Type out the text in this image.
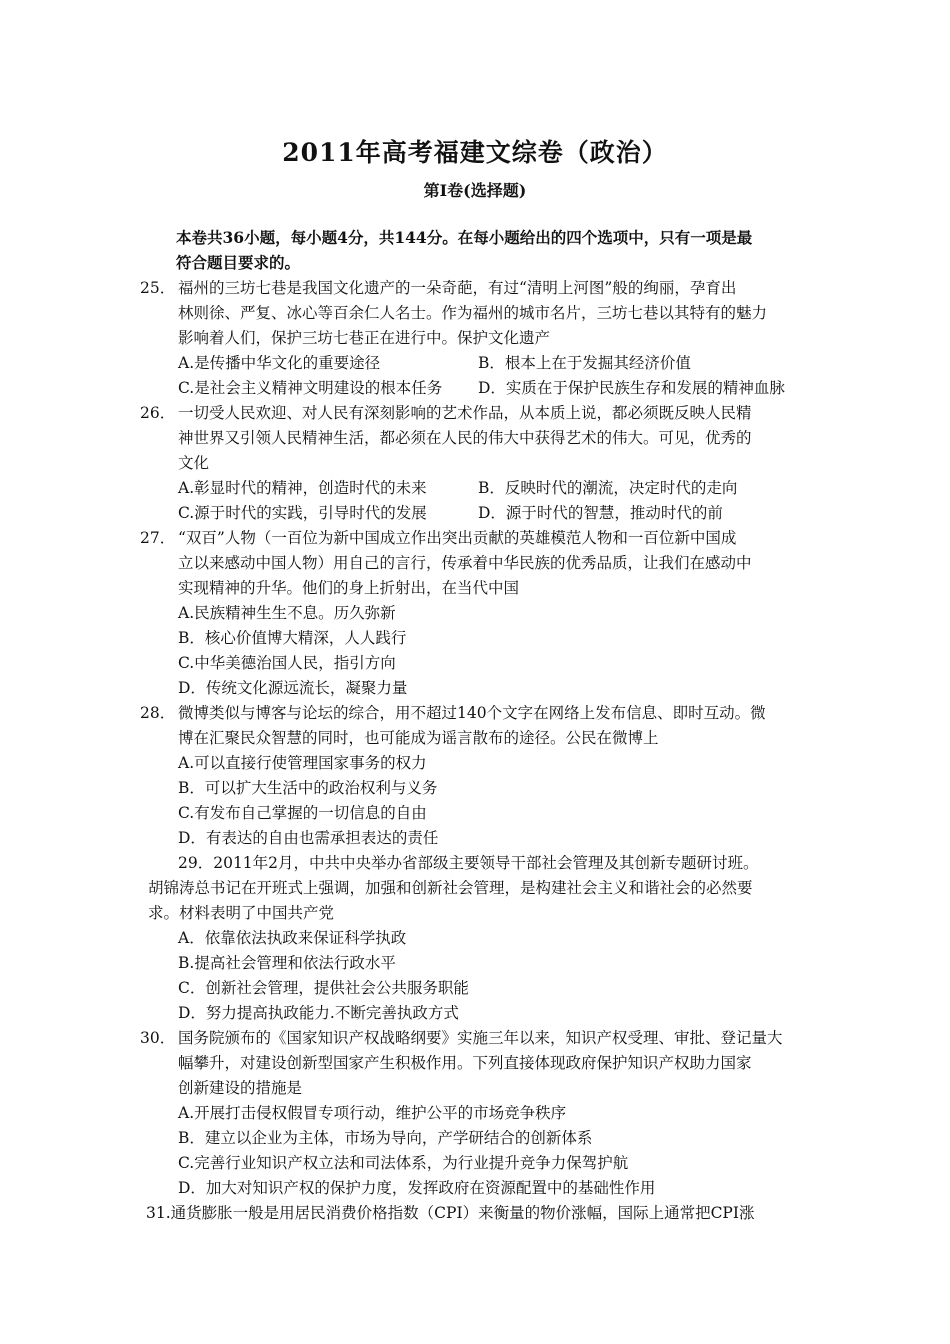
2011年高考福建文综卷（政治）
第Ⅰ卷(选择题)
本卷共36小题，每小题4分，共144分。在每小题给出的四个选项中，只有一项是最
符合题目要求的。
25． 福州的三坊七巷是我国文化遗产的一朵奇葩，有过“清明上河图”般的绚丽，孕育出
林则徐、严复、冰心等百余仁人名士。作为福州的城市名片，三坊七巷以其特有的魅力
影响着人们，保护三坊七巷正在进行中。保护文化遗产
A.是传播中华文化的重要途径	B．根本上在于发掘其经济价值
C.是社会主义精神文明建设的根本任务 D．实质在于保护民族生存和发展的精神血脉
26． 一切受人民欢迎、对人民有深刻影响的艺术作品，从本质上说，都必须既反映人民精
神世界又引领人民精神生活，都必须在人民的伟大中获得艺术的伟大。可见，优秀的
文化
A.彰显时代的精神，创造时代的未来	B．反映时代的潮流，决定时代的走向
C.源于时代的实践，引导时代的发展	D．源于时代的智慧，推动时代的前
27． “双百”人物（一百位为新中国成立作出突出贡献的英雄模范人物和一百位新中国成
立以来感动中国人物）用自己的言行，传承着中华民族的优秀品质，让我们在感动中
实现精神的升华。他们的身上折射出，在当代中国
A.民族精神生生不息。历久弥新
B．核心价值博大精深，人人践行
C.中华美德治国人民，指引方向
D．传统文化源远流长，凝聚力量
28． 微博类似与博客与论坛的综合，用不超过140个文字在网络上发布信息、即时互动。微
博在汇聚民众智慧的同时，也可能成为谣言散布的途径。公民在微博上
A.可以直接行使管理国家事务的权力
B．可以扩大生活中的政治权利与义务
C.有发布自己掌握的一切信息的自由
D．有表达的自由也需承担表达的责任
29．2011年2月，中共中央举办省部级主要领导干部社会管理及其创新专题研讨班。
胡锦涛总书记在开班式上强调，加强和创新社会管理，是构建社会主义和谐社会的必然要
求。材料表明了中国共产党
A．依靠依法执政来保证科学执政
B.提高社会管理和依法行政水平
C．创新社会管理，提供社会公共服务职能
D．努力提高执政能力.不断完善执政方式
30． 国务院颁布的《国家知识产权战略纲要》实施三年以来，知识产权受理、审批、登记量大
幅攀升，对建设创新型国家产生积极作用。下列直接体现政府保护知识产权助力国家
创新建设的措施是
A.开展打击侵权假冒专项行动，维护公平的市场竞争秩序
B．建立以企业为主体，市场为导向，产学研结合的创新体系
C.完善行业知识产权立法和司法体系，为行业提升竞争力保驾护航
D．加大对知识产权的保护力度，发挥政府在资源配置中的基础性作用
31.通货膨胀一般是用居民消费价格指数（CPI）来衡量的物价涨幅，国际上通常把CPI涨
